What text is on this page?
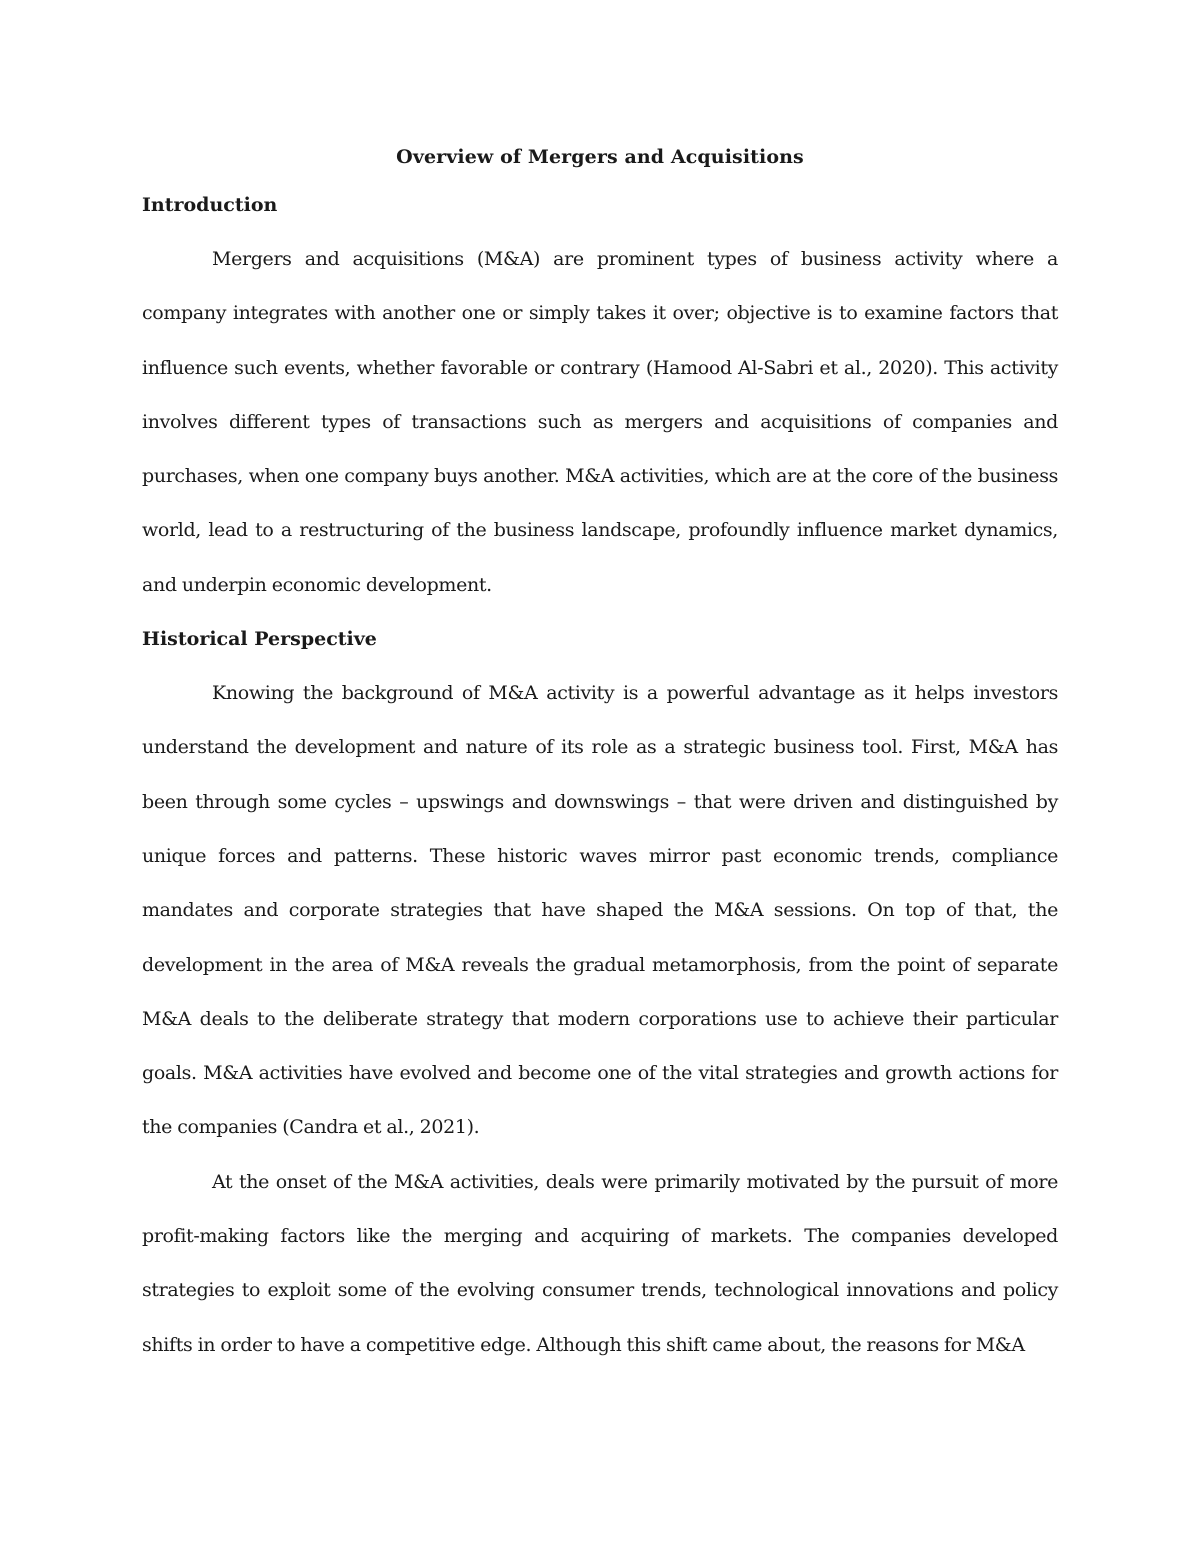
Overview of Mergers and Acquisitions
Introduction

Mergers and acquisitions (M&A) are prominent types of business activity where a company integrates with another one or simply takes it over; objective is to examine factors that influence such events, whether favorable or contrary (Hamood Al-Sabri et al., 2020). This activity involves different types of transactions such as mergers and acquisitions of companies and purchases, when one company buys another. M&A activities, which are at the core of the business world, lead to a restructuring of the business landscape, profoundly influence market dynamics, and underpin economic development.

Historical Perspective

Knowing the background of M&A activity is a powerful advantage as it helps investors understand the development and nature of its role as a strategic business tool. First, M&A has been through some cycles – upswings and downswings – that were driven and distinguished by unique forces and patterns. These historic waves mirror past economic trends, compliance mandates and corporate strategies that have shaped the M&A sessions. On top of that, the development in the area of M&A reveals the gradual metamorphosis, from the point of separate M&A deals to the deliberate strategy that modern corporations use to achieve their particular goals. M&A activities have evolved and become one of the vital strategies and growth actions for the companies (Candra et al., 2021).

At the onset of the M&A activities, deals were primarily motivated by the pursuit of more profit-making factors like the merging and acquiring of markets. The companies developed strategies to exploit some of the evolving consumer trends, technological innovations and policy shifts in order to have a competitive edge. Although this shift came about, the reasons for M&A
